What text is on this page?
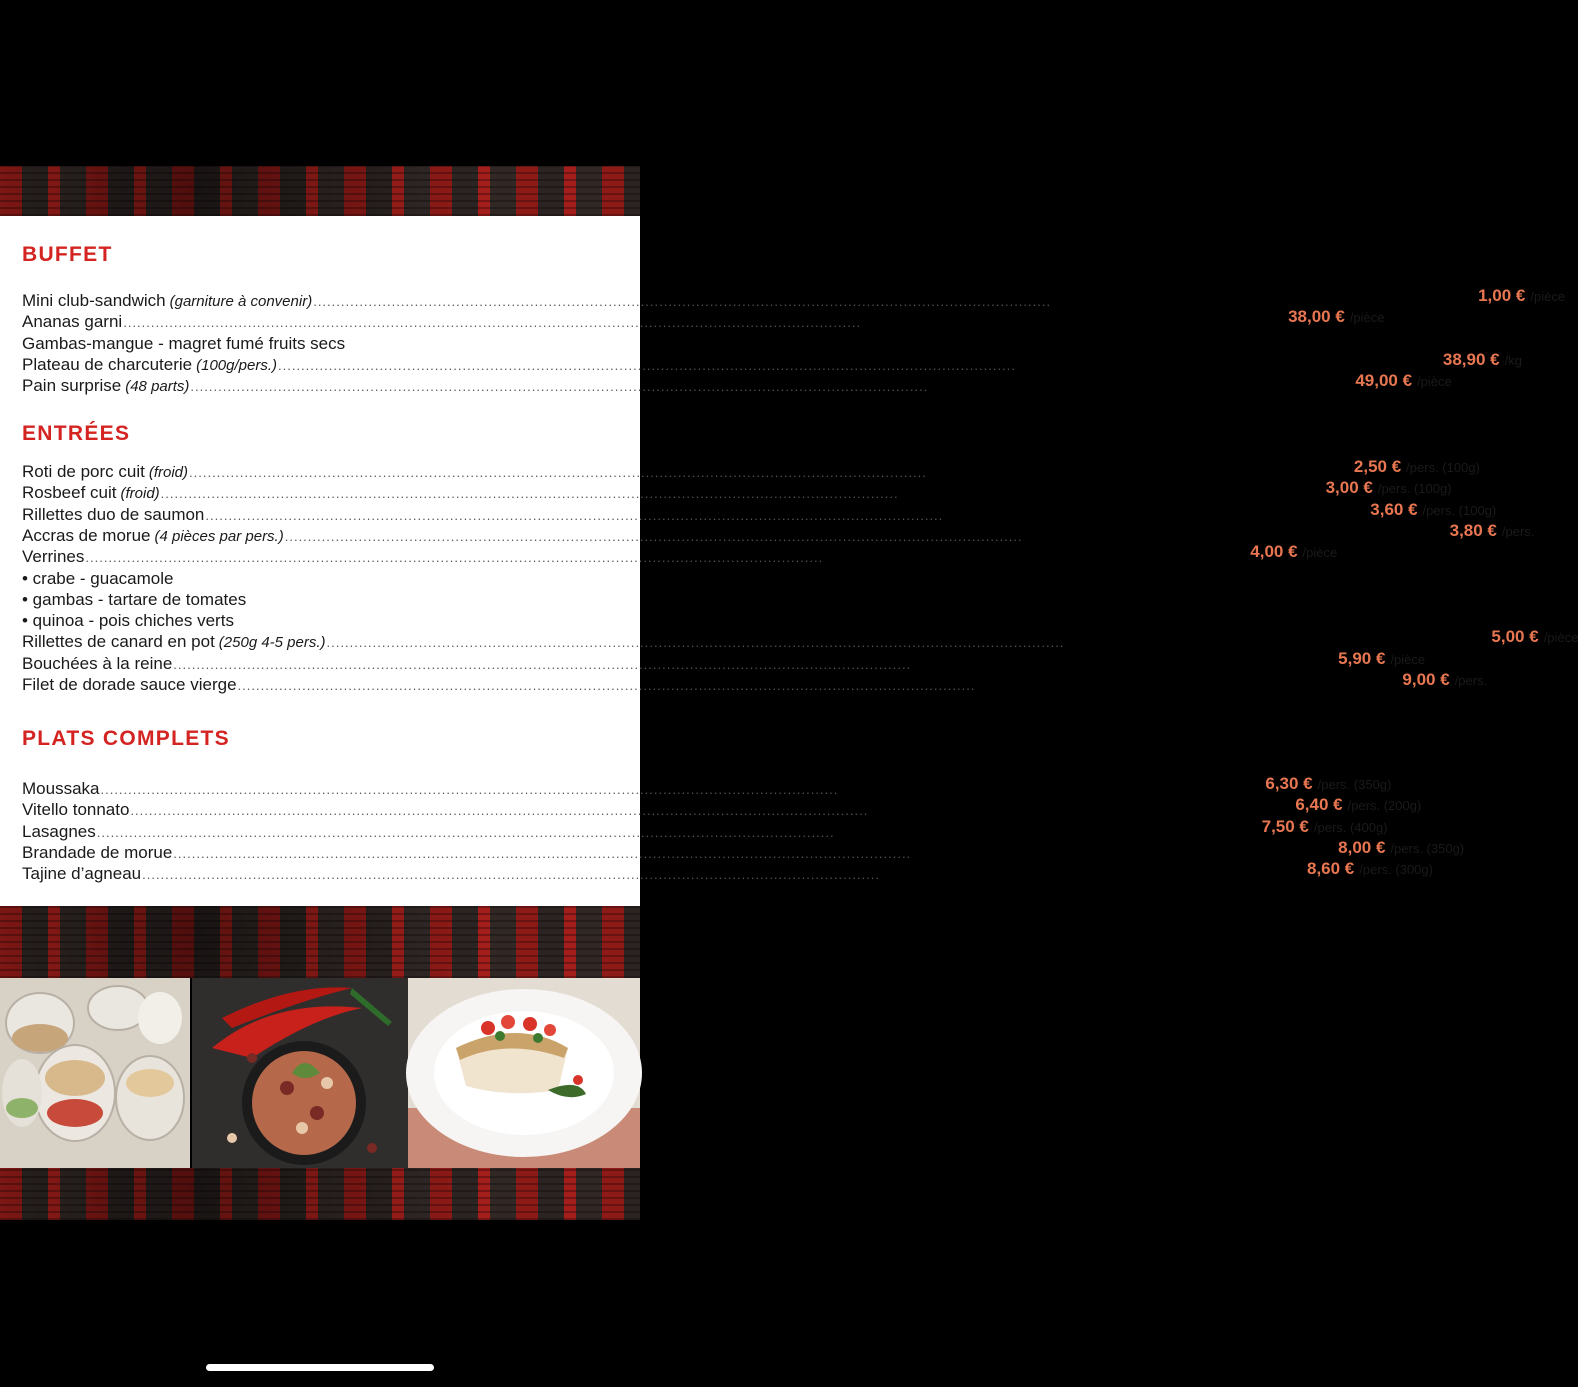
BUFFET
Mini club-sandwich (garniture à convenir) ................................................................................................................................................................	1,00 € /pièce
Ananas garni ................................................................................................................................................................	38,00 € /pièce
Gambas-mangue - magret fumé fruits secs
Plateau de charcuterie (100g/pers.) ................................................................................................................................................................	38,90 € /kg
Pain surprise (48 parts) ................................................................................................................................................................	49,00 € /pièce
ENTRÉES
Roti de porc cuit (froid) ................................................................................................................................................................	2,50 € /pers. (100g)
Rosbeef cuit (froid) ................................................................................................................................................................	3,00 € /pers. (100g)
Rillettes duo de saumon ................................................................................................................................................................	3,60 € /pers. (100g)
Accras de morue (4 pièces par pers.) ................................................................................................................................................................	3,80 € /pers.
Verrines ................................................................................................................................................................	4,00 € /pièce
• crabe - guacamole
• gambas - tartare de tomates
• quinoa - pois chiches verts
Rillettes de canard en pot (250g 4-5 pers.) ................................................................................................................................................................	5,00 € /pièce
Bouchées à la reine ................................................................................................................................................................	5,90 € /pièce
Filet de dorade sauce vierge ................................................................................................................................................................	9,00 € /pers.
PLATS COMPLETS
Moussaka ................................................................................................................................................................	6,30 € /pers. (350g)
Vitello tonnato ................................................................................................................................................................	6,40 € /pers. (200g)
Lasagnes ................................................................................................................................................................	7,50 € /pers. (400g)
Brandade de morue ................................................................................................................................................................	8,00 € /pers. (350g)
Tajine d’agneau ................................................................................................................................................................	8,60 € /pers. (300g)
